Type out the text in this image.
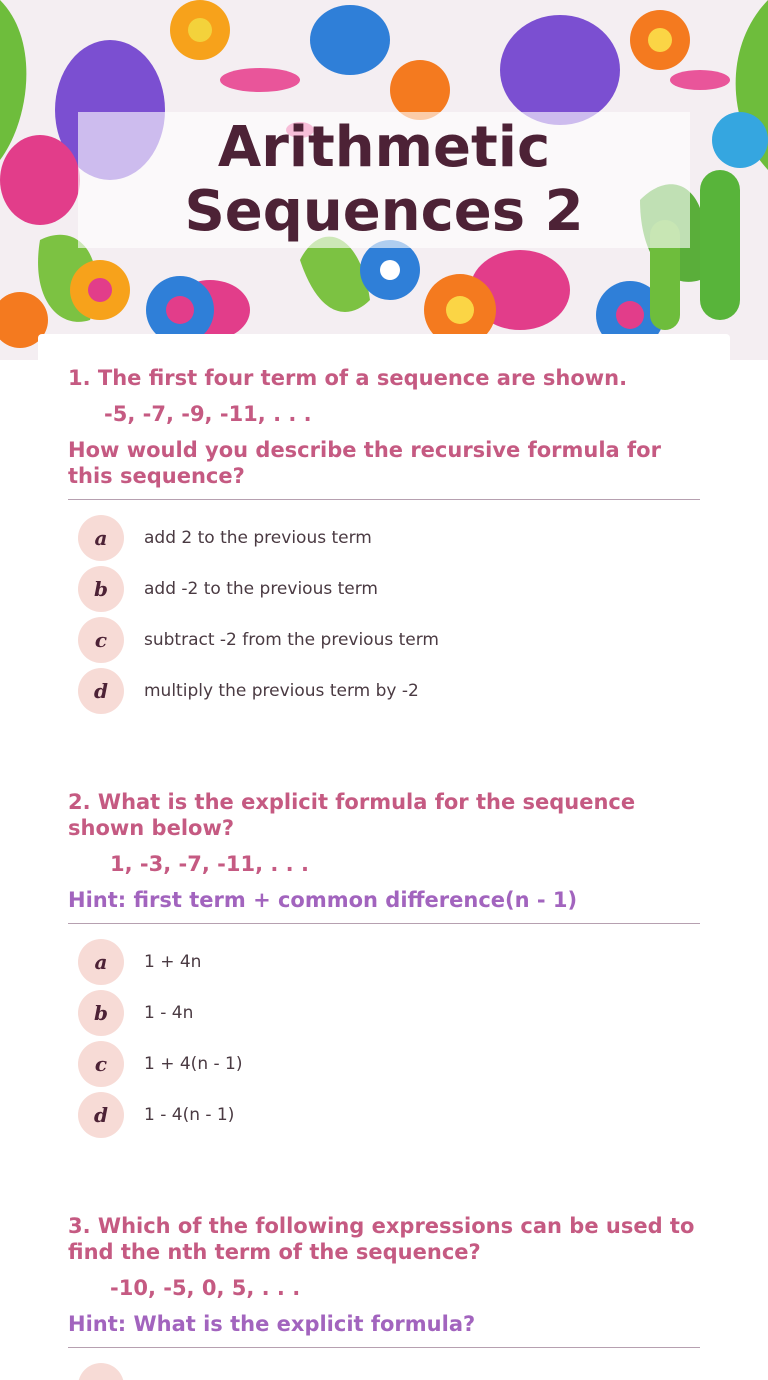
Arithmetic
Sequences 2
1. The first four term of a sequence are shown.
-5, -7, -9, -11, . . .
How would you describe the recursive formula for this sequence?
a	add 2 to the previous term
b	add -2 to the previous term
c	subtract -2 from the previous term
d	multiply the previous term by -2
2. What is the explicit formula for the sequence shown below?
1, -3, -7, -11, . . .
Hint: first term + common difference(n - 1)
a	1 + 4n
b	1 - 4n
c	1 + 4(n - 1)
d	1 - 4(n - 1)
3. Which of the following expressions can be used to find the nth term of the sequence?
-10, -5, 0, 5, . . .
Hint: What is the explicit formula?
